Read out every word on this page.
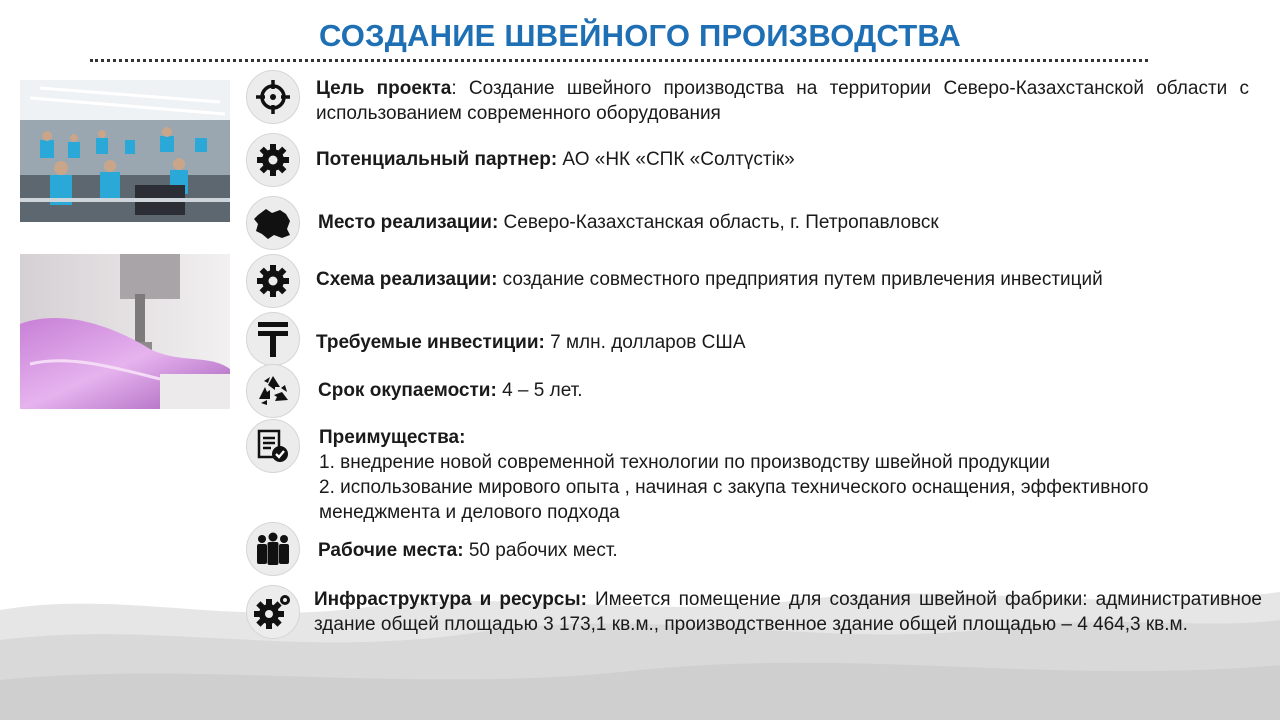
СОЗДАНИЕ ШВЕЙНОГО ПРОИЗВОДСТВА
Цель проекта: Создание швейного производства на территории Северо-Казахстанской области с использованием современного оборудования
Потенциальный партнер: АО «НК «СПК «Солтүстік»
Место реализации: Северо-Казахстанская область, г. Петропавловск
Схема реализации: создание совместного предприятия путем привлечения инвестиций
Требуемые инвестиции: 7 млн. долларов США
Срок окупаемости: 4 – 5 лет.
Преимущества:
1. внедрение новой современной технологии по производству швейной продукции
2. использование мирового опыта , начиная с закупа технического оснащения, эффективного менеджмента и делового подхода
Рабочие места: 50 рабочих мест.
Инфраструктура и ресурсы: Имеется помещение для создания швейной фабрики: административное здание общей площадью 3 173,1 кв.м., производственное здание общей площадью – 4 464,3 кв.м.
